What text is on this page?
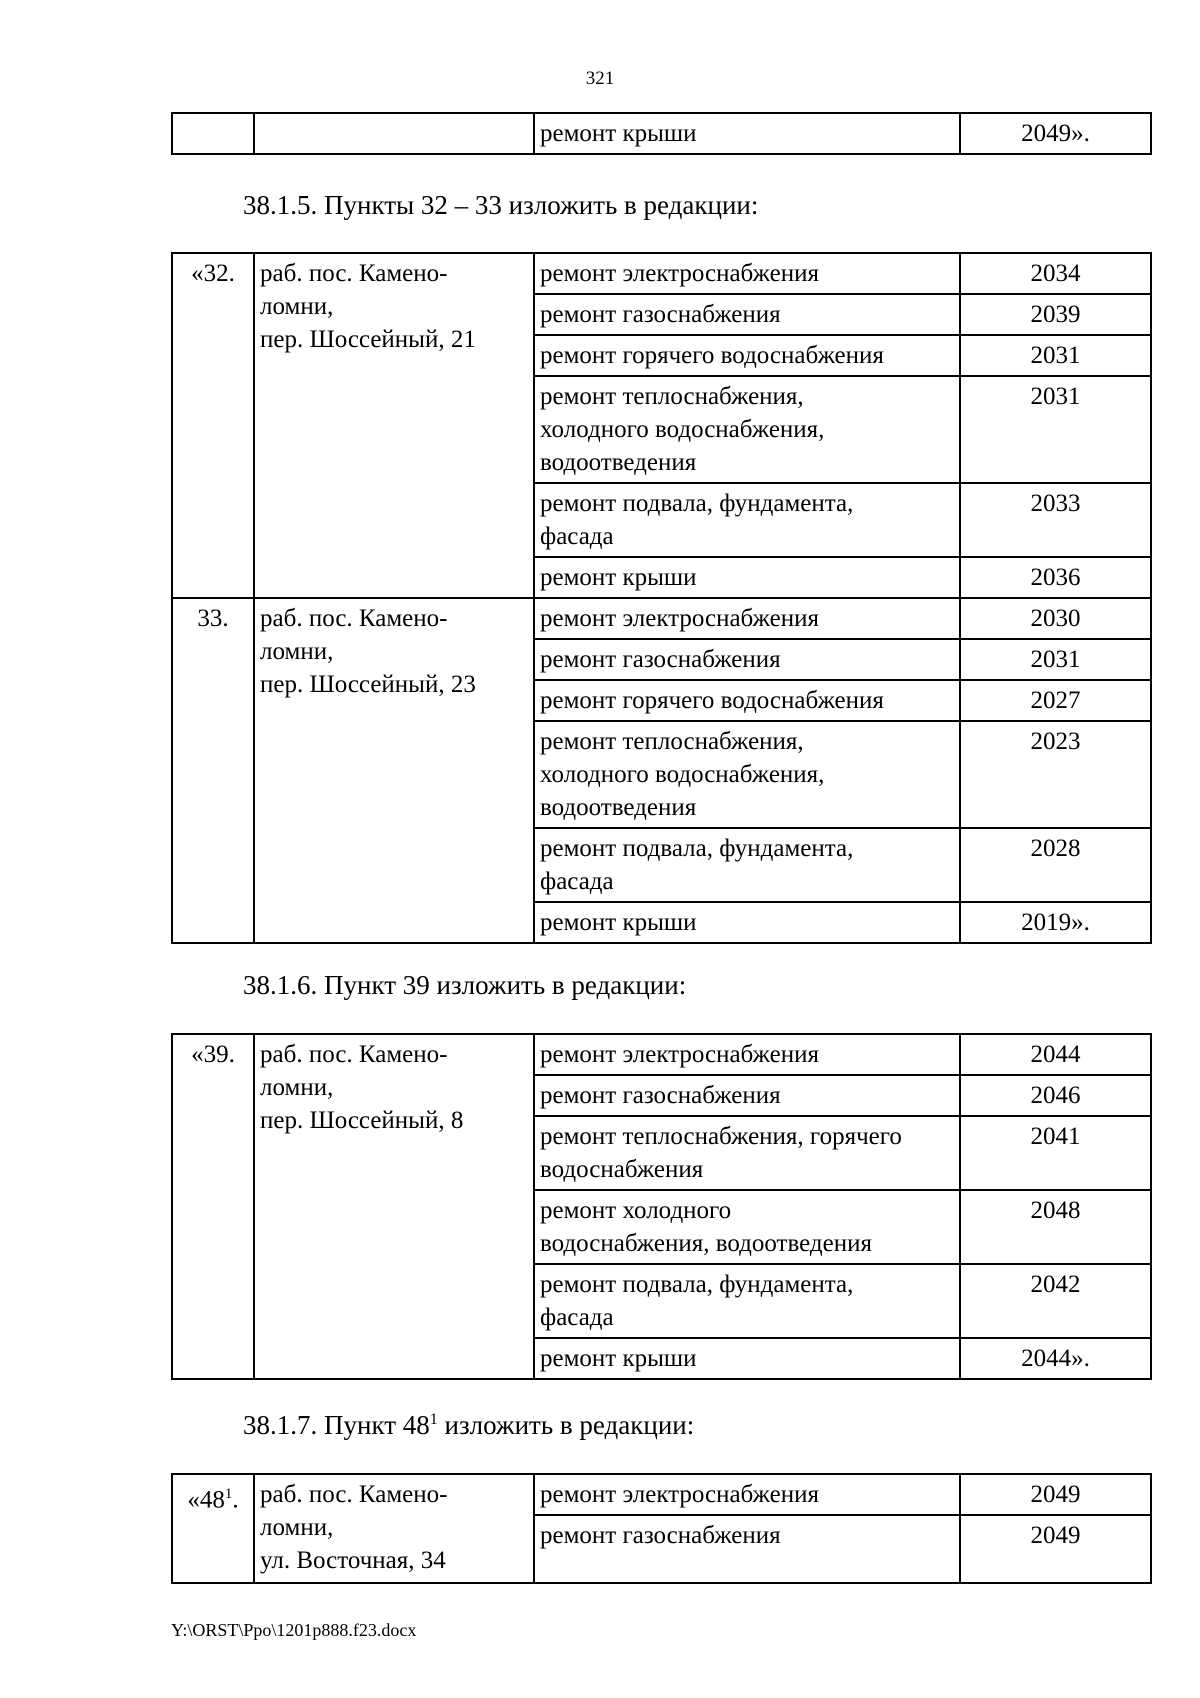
321

ремонт крыши	2049».
38.1.5. Пункты 32 – 33 изложить в редакции:
«32.	раб. пос. Камено-
ломни,
пер. Шоссейный, 21	ремонт электроснабжения	2034

		ремонт газоснабжения	2039

		ремонт горячего водоснабжения	2031

		ремонт теплоснабжения,
холодного водоснабжения,
водоотведения	2031

		ремонт подвала, фундамента,
фасада	2033

		ремонт крыши	2036
33.	раб. пос. Камено-
ломни,
пер. Шоссейный, 23	ремонт электроснабжения	2030

		ремонт газоснабжения	2031

		ремонт горячего водоснабжения	2027

		ремонт теплоснабжения,
холодного водоснабжения,
водоотведения	2023

		ремонт подвала, фундамента,
фасада	2028

		ремонт крыши	2019».
38.1.6. Пункт 39 изложить в редакции:
«39.	раб. пос. Камено-
ломни,
пер. Шоссейный, 8	ремонт электроснабжения	2044

		ремонт газоснабжения	2046

		ремонт теплоснабжения, горячего
водоснабжения	2041

		ремонт холодного
водоснабжения, водоотведения	2048

		ремонт подвала, фундамента,
фасада	2042

		ремонт крыши	2044».
38.1.7. Пункт $48^1$ изложить в редакции:
«$48^1$.	раб. пос. Камено-
ломни,
ул. Восточная, 34	ремонт электроснабжения	2049

		ремонт газоснабжения	2049
Y:\ORST\Ppo\1201p888.f23.docx
